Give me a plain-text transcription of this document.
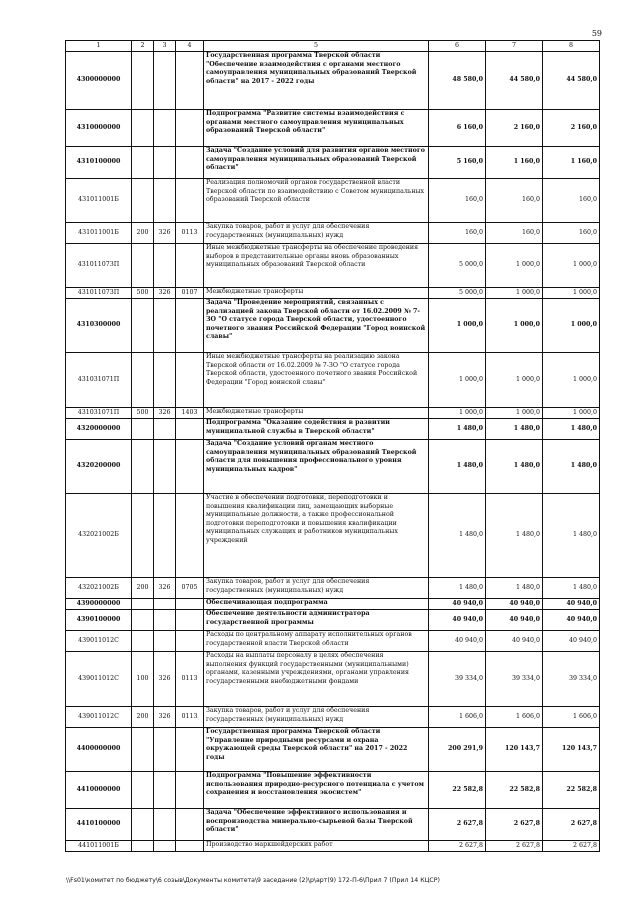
59
1	2	3	4	5	6	7	8
4300000000				Государственная программа Тверской области "Обеспечение взаимодействия с органами местного самоуправления муниципальных образований Тверской области" на 2017 - 2022 годы	48 580,0	44 580,0	44 580,0
4310000000				Подпрограмма "Развитие системы взаимодействия с органами местного самоуправления муниципальных образований Тверской области"	6 160,0	2 160,0	2 160,0
4310100000				Задача "Создание условий для развития органов местного самоуправления муниципальных образований Тверской области"	5 160,0	1 160,0	1 160,0
431011001Б				Реализация полномочий органов государственной власти Тверской области по взаимодействию с Советом муниципальных образований Тверской области	160,0	160,0	160,0
431011001Б	200	326	0113	Закупка товаров, работ и услуг для обеспечения государственных (муниципальных) нужд	160,0	160,0	160,0
431011073П				Иные межбюджетные трансферты на обеспечение проведения выборов в представительные органы вновь образованных муниципальных образований Тверской области	5 000,0	1 000,0	1 000,0
431011073П	500	326	0107	Межбюджетные трансферты	5 000,0	1 000,0	1 000,0
4310300000				Задача "Проведение мероприятий, связанных с реализацией закона Тверской области от 16.02.2009 № 7-ЗО "О статусе города Тверской области, удостоенного почетного звания Российской Федерации "Город воинской славы"	1 000,0	1 000,0	1 000,0
431031071П				Иные межбюджетные трансферты на реализацию закона Тверской области от 16.02.2009 № 7-ЗО "О статусе города Тверской области, удостоенного почетного звания Российской Федерации "Город воинской славы"	1 000,0	1 000,0	1 000,0
431031071П	500	326	1403	Межбюджетные трансферты	1 000,0	1 000,0	1 000,0
4320000000				Подпрограмма "Оказание содействия в развитии муниципальной службы в Тверской области"	1 480,0	1 480,0	1 480,0
4320200000				Задача "Создание условий органам местного самоуправления муниципальных образований Тверской области для повышения профессионального уровня муниципальных кадров"	1 480,0	1 480,0	1 480,0
432021002Б				Участие в обеспечении подготовки, переподготовки и повышения квалификации лиц, замещающих выборные муниципальные должности, а также профессиональной подготовки переподготовки и повышения квалификации муниципальных служащих и работников муниципальных учреждений	1 480,0	1 480,0	1 480,0
432021002Б	200	326	0705	Закупка товаров, работ и услуг для обеспечения государственных (муниципальных) нужд	1 480,0	1 480,0	1 480,0
4390000000				Обеспечивающая подпрограмма	40 940,0	40 940,0	40 940,0
4390100000				Обеспечение деятельности администратора государственной программы	40 940,0	40 940,0	40 940,0
439011012С				Расходы по центральному аппарату исполнительных органов государственной власти Тверской области	40 940,0	40 940,0	40 940,0
439011012С	100	326	0113	Расходы на выплаты персоналу в целях обеспечения выполнения функций государственными (муниципальными) органами, казенными учреждениями, органами управления государственными внебюджетными фондами	39 334,0	39 334,0	39 334,0
439011012С	200	326	0113	Закупка товаров, работ и услуг для обеспечения государственных (муниципальных) нужд	1 606,0	1 606,0	1 606,0
4400000000				Государственная программа Тверской области "Управление природными ресурсами и охрана окружающей среды Тверской области" на 2017 - 2022 годы	200 291,9	120 143,7	120 143,7
4410000000				Подпрограмма "Повышение эффективности использования природно-ресурсного потенциала с учетом сохранения и восстановления экосистем"	22 582,8	22 582,8	22 582,8
4410100000				Задача "Обеспечение эффективного использования и воспроизводства минерально-сырьевой базы Тверской области"	2 627,8	2 627,8	2 627,8
441011001Б				Производство маркшейдерских работ	2 627,8	2 627,8	2 627,8
\\Fs01\комитет по бюджету\6 созыв\Документы комитета\9 заседание (2)\р\арт(9) 172-П-6\Прил 7 (Прил 14 КЦСР)
